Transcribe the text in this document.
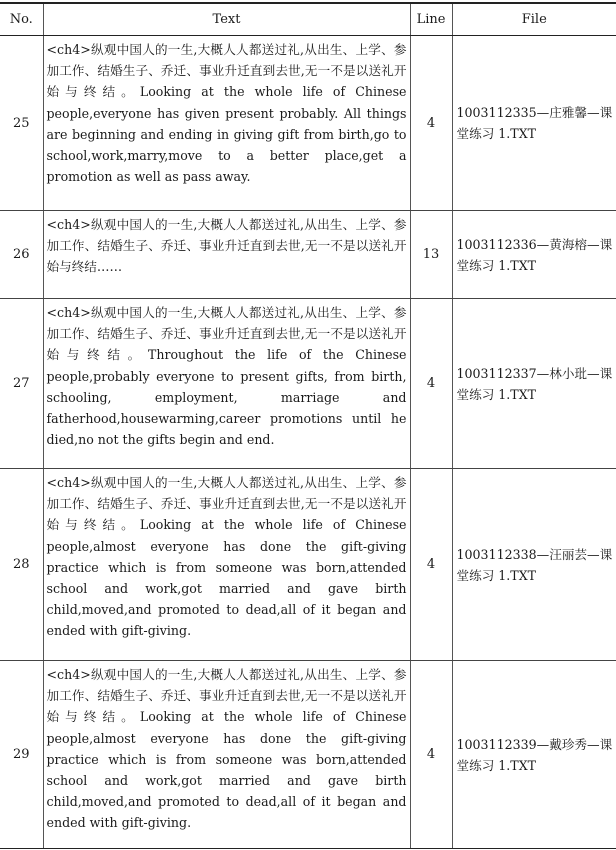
No.	Text	Line	File
25	<ch4>纵观中国人的一生,大概人人都送过礼,从出生、上学、参加工作、结婚生子、乔迁、事业升迁直到去世,无一不是以送礼开始与终结。Looking at the whole life of Chinese people,everyone has given present probably. All things are beginning and ending in giving gift from birth,go to school,work,marry,move to a better place,get a promotion as well as pass away.	4	1003112335—庄雅馨—课堂练习 1.TXT
26	<ch4>纵观中国人的一生,大概人人都送过礼,从出生、上学、参加工作、结婚生子、乔迁、事业升迁直到去世,无一不是以送礼开始与终结……	13	1003112336—黄海榕—课堂练习 1.TXT
27	<ch4>纵观中国人的一生,大概人人都送过礼,从出生、上学、参加工作、结婚生子、乔迁、事业升迁直到去世,无一不是以送礼开始与终结。Throughout the life of the Chinese people,probably everyone to present gifts, from birth, schooling, employment, marriage and fatherhood,housewarming,career promotions until he died,no not the gifts begin and end.	4	1003112337—林小玭—课堂练习 1.TXT
28	<ch4>纵观中国人的一生,大概人人都送过礼,从出生、上学、参加工作、结婚生子、乔迁、事业升迁直到去世,无一不是以送礼开始与终结。Looking at the whole life of Chinese people,almost everyone has done the gift-giving practice which is from someone was born,attended school and work,got married and gave birth child,moved,and promoted to dead,all of it began and ended with gift-giving.	4	1003112338—汪丽芸—课堂练习 1.TXT
29	<ch4>纵观中国人的一生,大概人人都送过礼,从出生、上学、参加工作、结婚生子、乔迁、事业升迁直到去世,无一不是以送礼开始与终结。Looking at the whole life of Chinese people,almost everyone has done the gift-giving practice which is from someone was born,attended school and work,got married and gave birth child,moved,and promoted to dead,all of it began and ended with gift-giving.	4	1003112339—戴珍秀—课堂练习 1.TXT
